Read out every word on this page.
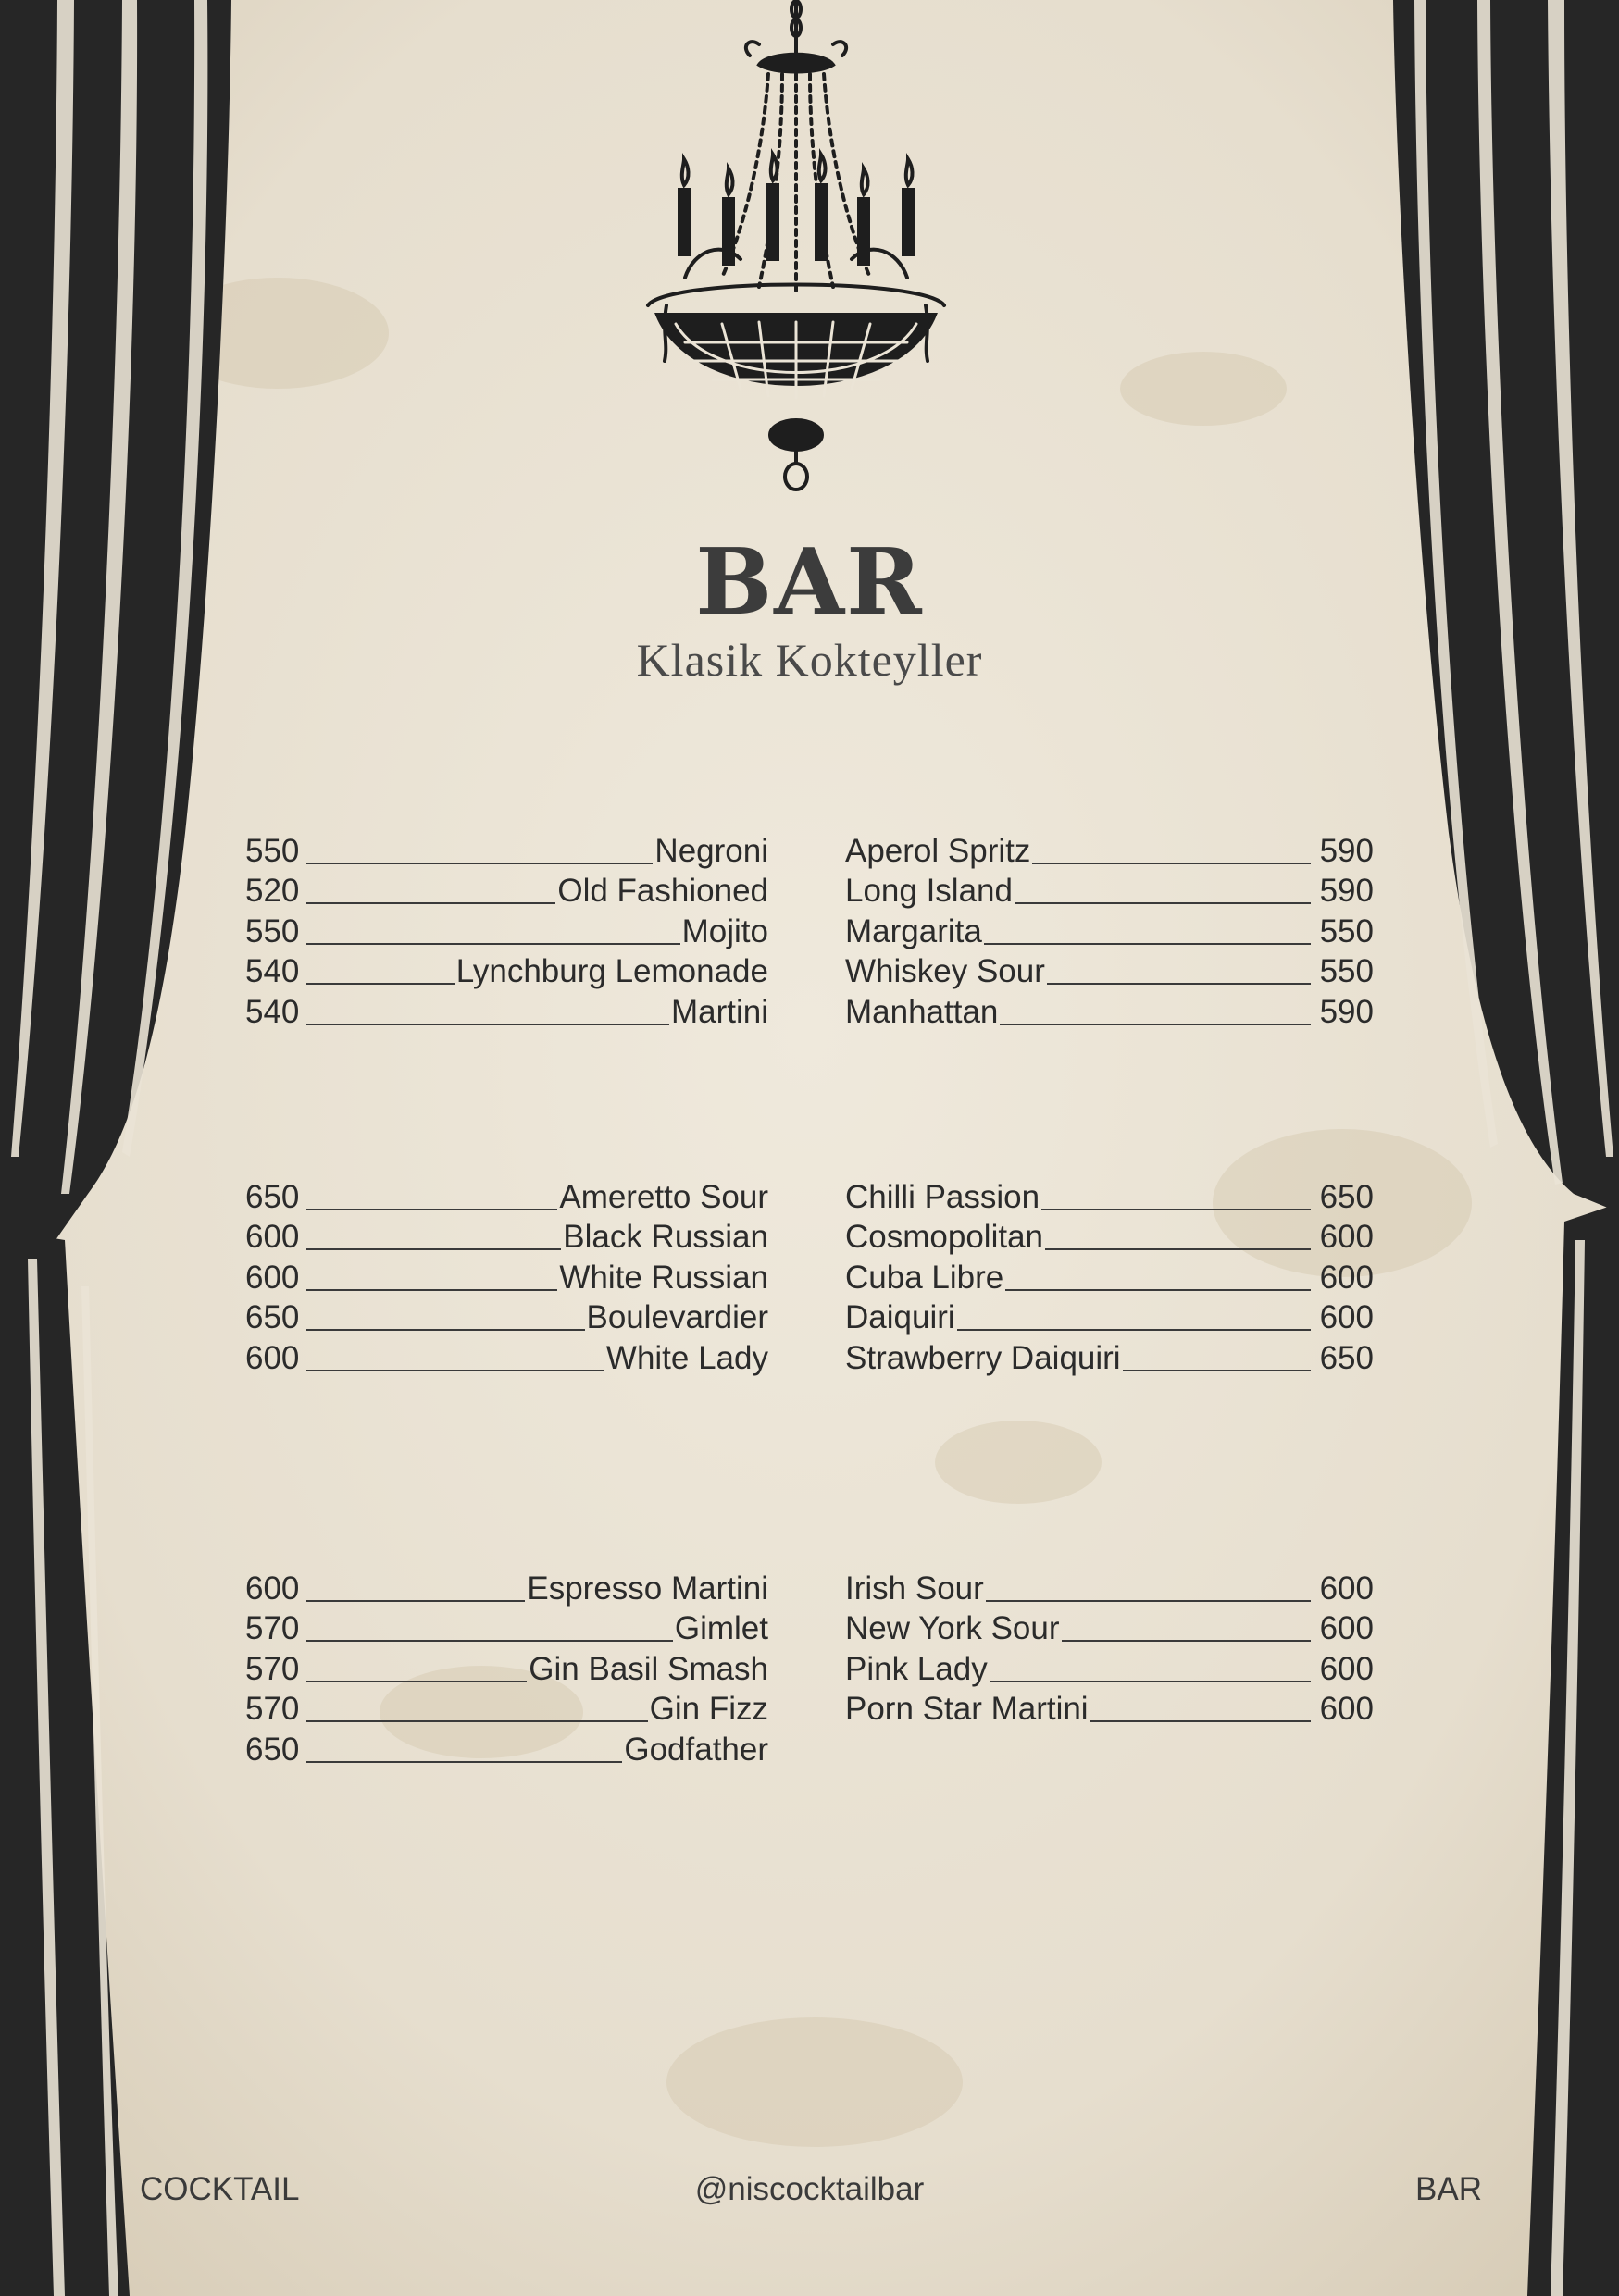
BAR
Klasik Kokteyller
550	Negroni
520	Old Fashioned
550	Mojito
540	Lynchburg Lemonade
540	Martini
650	Ameretto Sour
600	Black Russian
600	White Russian
650	Boulevardier
600	White Lady
600	Espresso Martini
570	Gimlet
570	Gin Basil Smash
570	Gin Fizz
650	Godfather
Aperol Spritz	590
Long Island	590
Margarita	550
Whiskey Sour	550
Manhattan	590
Chilli Passion	650
Cosmopolitan	600
Cuba Libre	600
Daiquiri	600
Strawberry Daiquiri	650
Irish Sour	600
New York Sour	600
Pink Lady	600
Porn Star Martini	600
COCKTAIL	@niscocktailbar	BAR
